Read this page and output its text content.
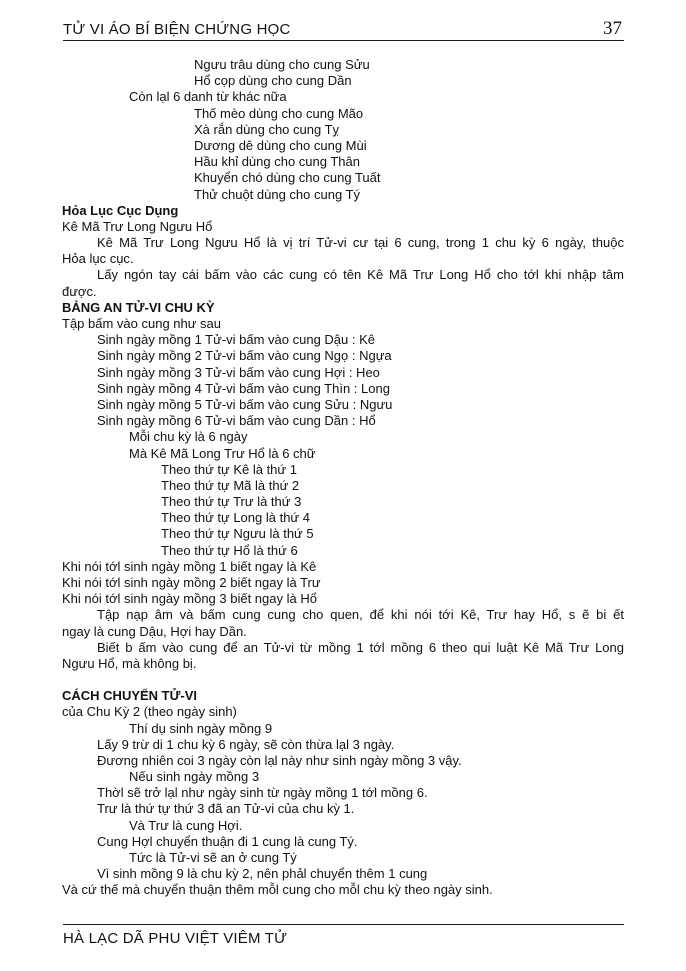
TỬ VI ÁO BÍ BIỆN CHỨNG HỌC	37
Ngưu trâu dùng cho cung Sửu
Hổ cọp dùng cho cung Dần
Còn lạl 6 danh từ khác nữa
Thố mèo dùng cho cung Mão
Xà rắn dùng cho cung Tỵ
Dương dê dùng cho cung Mùi
Hầu khỉ dùng cho cung Thân
Khuyển chó dùng cho cung Tuất
Thử chuột dùng cho cung Tý
Hỏa Lục Cục Dụng
Kê Mã Trư Long Ngưu Hổ
Kê Mã Trư Long Ngưu Hổ là vị trí Tử-vi cư tại 6 cung, trong 1 chu kỳ 6 ngày, thuộc
Hỏa lục cục.
Lấy ngón tay cái bấm vào các cung có tên Kê Mã Trư Long Hổ cho tớl khi nhập tâm
được.
BẢNG AN TỬ-VI CHU KỲ
Tập bấm vào cung như sau
Sinh ngày mồng 1 Tử-vi bấm vào cung Dậu : Kê
Sinh ngày mồng 2 Tử-vi bấm vào cung Ngọ : Ngựa
Sinh ngày mồng 3 Tử-vi bấm vào cung Hợi : Heo
Sinh ngày mồng 4 Tử-vi bấm vào cung Thìn : Long
Sinh ngày mồng 5 Tử-vi bấm vào cung Sửu : Ngưu
Sinh ngày mồng 6 Tử-vi bấm vào cung Dần : Hổ
Mỗi chu kỳ là 6 ngày
Mà Kê Mã Long Trư Hổ là 6 chữ
Theo thứ tự Kê là thứ 1
Theo thứ tự Mã là thứ 2
Theo thứ tự Trư là thứ 3
Theo thứ tự Long là thứ 4
Theo thứ tự Ngưu là thứ 5
Theo thứ tự Hổ là thứ 6
Khi nói tớl sinh ngày mồng 1 biết ngay là Kê
Khi nói tớl sinh ngày mồng 2 biết ngay là Trư
Khi nói tớl sinh ngày mồng 3 biết ngay là Hổ
Tập nạp âm và bấm cung cung cho quen, để khi nói tới Kê, Trư hay Hổ, s ẽ bi ết
ngay là cung Dậu, Hợi hay Dần.
Biết b ấm vào cung để an Tử-vi từ mồng 1 tớl mồng 6 theo qui luật Kê Mã Trư Long
Ngưu Hổ, mà không bị.
CÁCH CHUYỂN TỬ-VI
của Chu Kỳ 2 (theo ngày sinh)
Thí dụ sinh ngày mồng 9
Lấy 9 trừ di 1 chu kỳ 6 ngày, sẽ còn thừa lạl 3 ngày.
Đương nhiên coi 3 ngày còn lạl này như sinh ngày mồng 3 vậy.
Nếu sinh ngày mồng 3
Thờl sẽ trở lạl như ngày sinh từ ngày mồng 1 tớl mồng 6.
Trư là thứ tự thứ 3 đã an Tử-vi của chu kỳ 1.
Và Trư là cung Hợi.
Cung Hợl chuyển thuận đi 1 cung là cung Tý.
Tức là Tử-vi sẽ an ở cung Tý
Vì sinh mồng 9 là chu kỳ 2, nên phảl chuyển thêm 1 cung
Và cứ thế mà chuyển thuận thêm mỗl cung cho mỗl chu kỳ theo ngày sinh.
HÀ LẠC DÃ PHU VIỆT VIÊM TỬ
